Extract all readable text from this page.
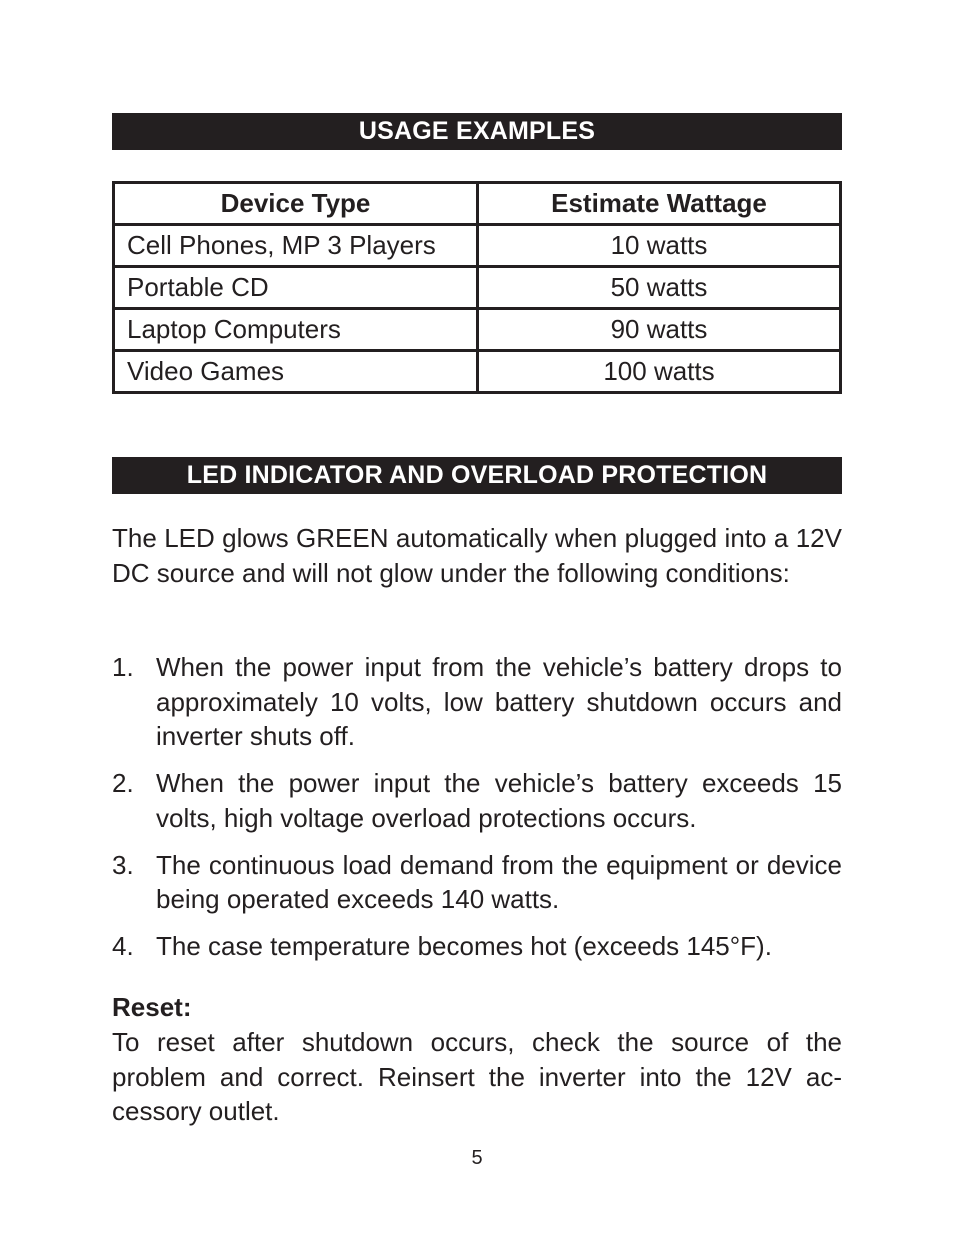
USAGE EXAMPLES
Device Type	Estimate Wattage
Cell Phones, MP 3 Players	10 watts
Portable CD	50 watts
Laptop Computers	90 watts
Video Games	100 watts
LED INDICATOR AND OVERLOAD PROTECTION

The LED glows GREEN automatically when plugged into a 12V DC source and will not glow under the following conditions:

1. When the power input from the vehicle’s battery drops to approximately 10 volts, low battery shutdown occurs and inverter shuts off.
2. When the power input the vehicle’s battery exceeds 15 volts, high voltage overload protections occurs.
3. The continuous load demand from the equipment or device being operated exceeds 140 watts.
4. The case temperature becomes hot (exceeds 145°F).
Reset:

To reset after shutdown occurs, check the source of the problem and correct. Reinsert the inverter into the 12V ac-cessory outlet.

5
